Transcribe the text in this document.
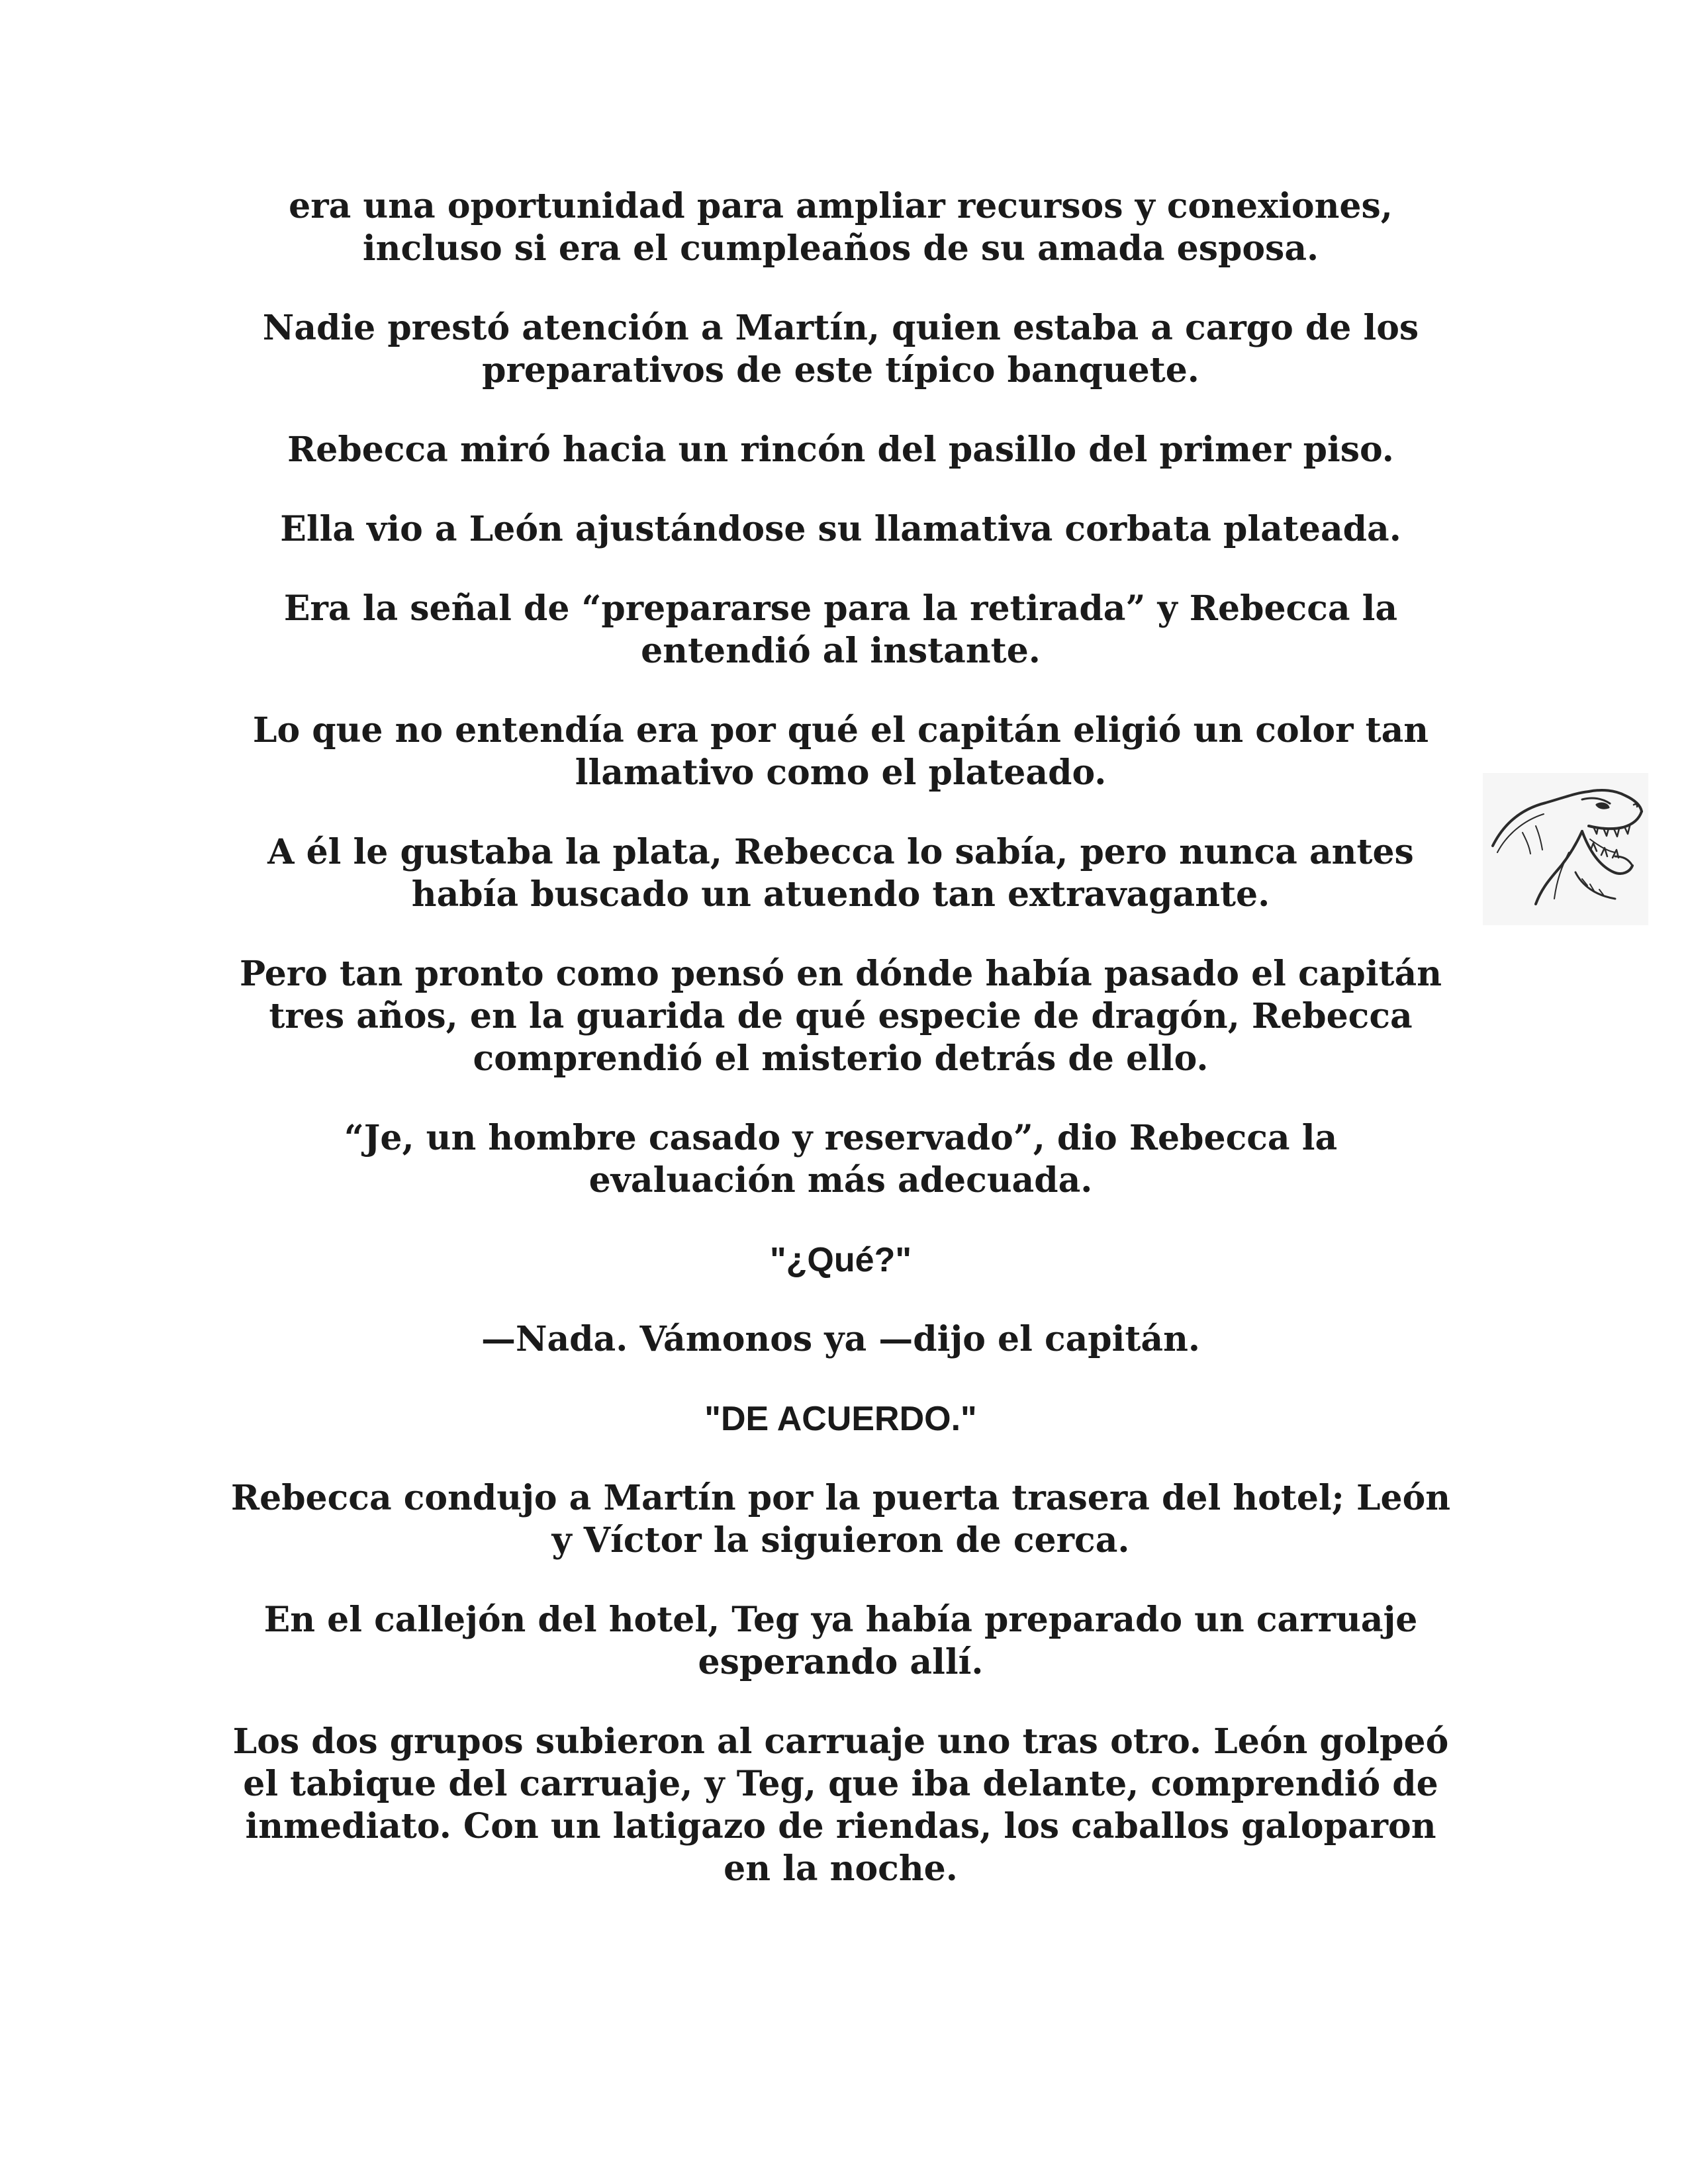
era una oportunidad para ampliar recursos y conexiones,
incluso si era el cumpleaños de su amada esposa.

Nadie prestó atención a Martín, quien estaba a cargo de los
preparativos de este típico banquete.

Rebecca miró hacia un rincón del pasillo del primer piso.

Ella vio a León ajustándose su llamativa corbata plateada.

Era la señal de “prepararse para la retirada” y Rebecca la
entendió al instante.

Lo que no entendía era por qué el capitán eligió un color tan
llamativo como el plateado.

A él le gustaba la plata, Rebecca lo sabía, pero nunca antes
había buscado un atuendo tan extravagante.

Pero tan pronto como pensó en dónde había pasado el capitán
tres años, en la guarida de qué especie de dragón, Rebecca
comprendió el misterio detrás de ello.

“Je, un hombre casado y reservado”, dio Rebecca la
evaluación más adecuada.

"¿Qué?"

—Nada. Vámonos ya —dijo el capitán.

"DE ACUERDO."

Rebecca condujo a Martín por la puerta trasera del hotel; León
y Víctor la siguieron de cerca.

En el callejón del hotel, Teg ya había preparado un carruaje
esperando allí.

Los dos grupos subieron al carruaje uno tras otro. León golpeó
el tabique del carruaje, y Teg, que iba delante, comprendió de
inmediato. Con un latigazo de riendas, los caballos galoparon
en la noche.
